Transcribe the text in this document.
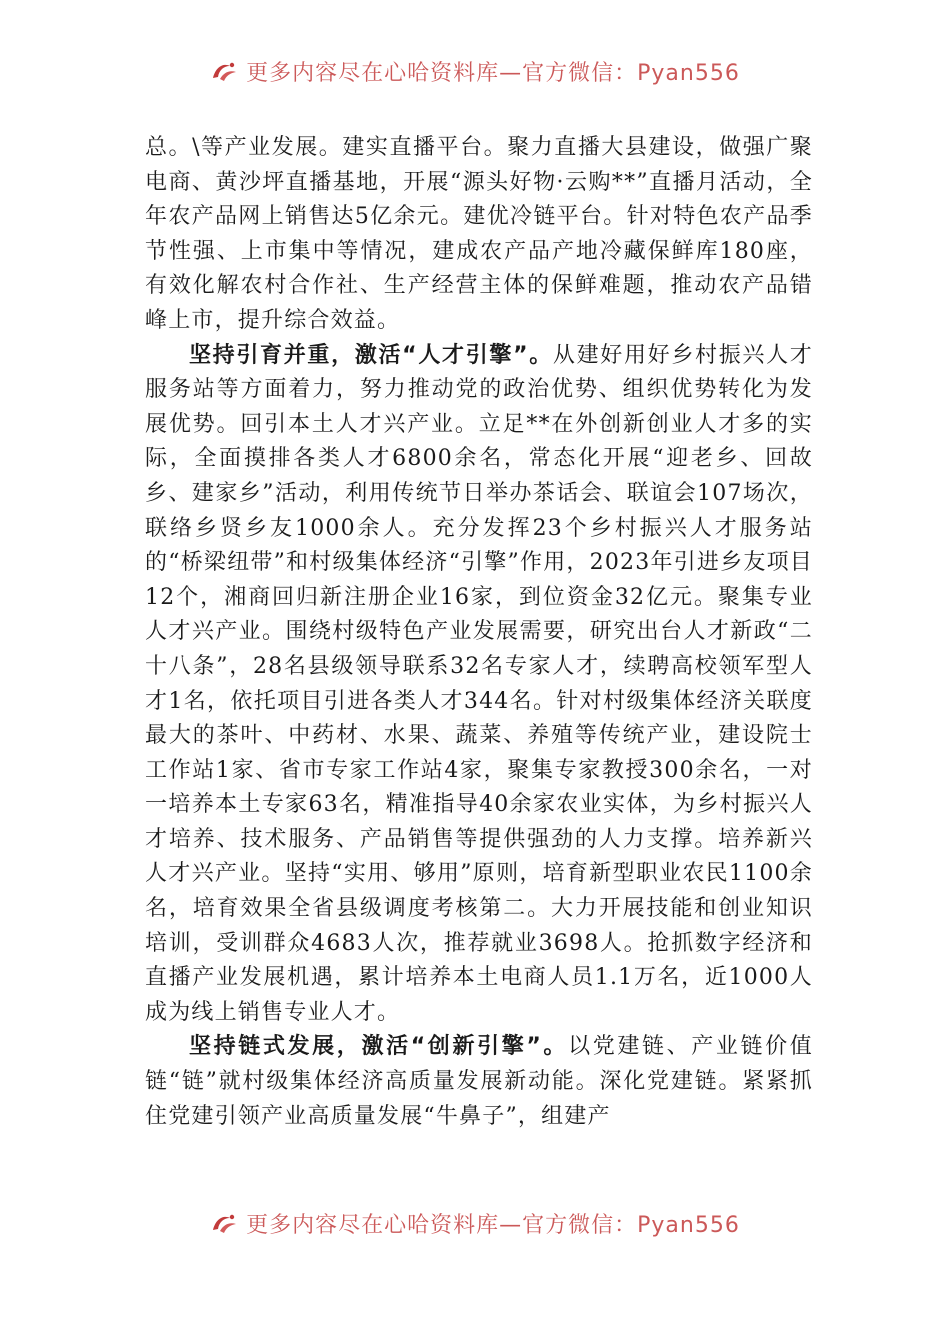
更多内容尽在心哈资料库—官方微信：Pyan556

总。\等产业发展。建实直播平台。聚力直播大县建设，做强广聚电商、黄沙坪直播基地，开展“源头好物·云购**”直播月活动，全年农产品网上销售达5亿余元。建优冷链平台。针对特色农产品季节性强、上市集中等情况，建成农产品产地冷藏保鲜库180座，有效化解农村合作社、生产经营主体的保鲜难题，推动农产品错峰上市，提升综合效益。

坚持引育并重，激活“人才引擎”。从建好用好乡村振兴人才服务站等方面着力，努力推动党的政治优势、组织优势转化为发展优势。回引本土人才兴产业。立足**在外创新创业人才多的实际，全面摸排各类人才6800余名，常态化开展“迎老乡、回故乡、建家乡”活动，利用传统节日举办茶话会、联谊会107场次，联络乡贤乡友1000余人。充分发挥23个乡村振兴人才服务站的“桥梁纽带”和村级集体经济“引擎”作用，2023年引进乡友项目12个，湘商回归新注册企业16家，到位资金32亿元。聚集专业人才兴产业。围绕村级特色产业发展需要，研究出台人才新政“二十八条”，28名县级领导联系32名专家人才，续聘高校领军型人才1名，依托项目引进各类人才344名。针对村级集体经济关联度最大的茶叶、中药材、水果、蔬菜、养殖等传统产业，建设院士工作站1家、省市专家工作站4家，聚集专家教授300余名，一对一培养本土专家63名，精准指导40余家农业实体，为乡村振兴人才培养、技术服务、产品销售等提供强劲的人力支撑。培养新兴人才兴产业。坚持“实用、够用”原则，培育新型职业农民1100余名，培育效果全省县级调度考核第二。大力开展技能和创业知识培训，受训群众4683人次，推荐就业3698人。抢抓数字经济和直播产业发展机遇，累计培养本土电商人员1.1万名，近1000人成为线上销售专业人才。

坚持链式发展，激活“创新引擎”。以党建链、产业链价值链“链”就村级集体经济高质量发展新动能。深化党建链。紧紧抓住党建引领产业高质量发展“牛鼻子”，组建产

更多内容尽在心哈资料库—官方微信：Pyan556
